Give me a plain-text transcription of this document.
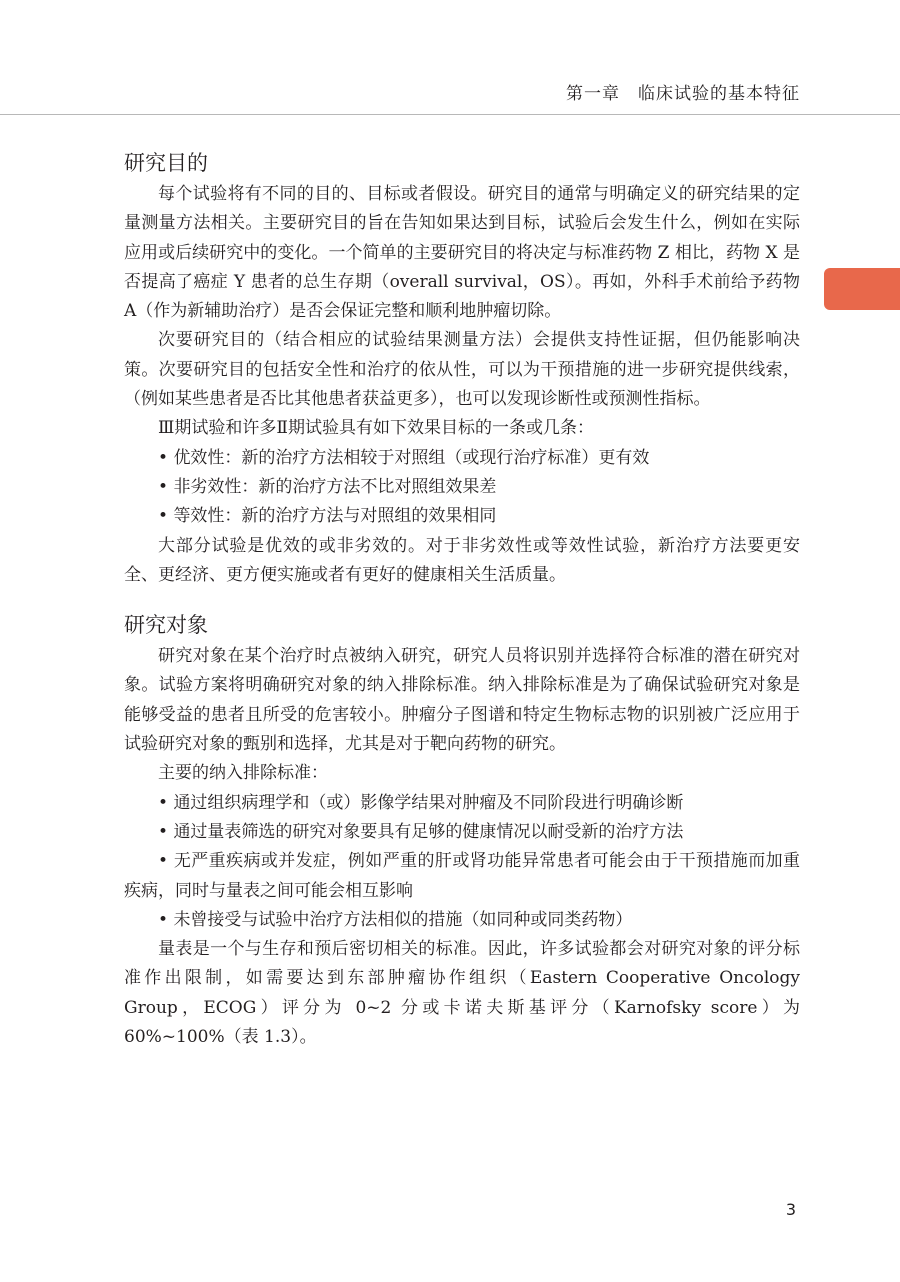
第一章　临床试验的基本特征
研究目的

每个试验将有不同的目的、目标或者假设。研究目的通常与明确定义的研究结果的定量测量方法相关。主要研究目的旨在告知如果达到目标，试验后会发生什么，例如在实际应用或后续研究中的变化。一个简单的主要研究目的将决定与标准药物 Z 相比，药物 X 是否提高了癌症 Y 患者的总生存期（overall survival，OS）。再如，外科手术前给予药物 A（作为新辅助治疗）是否会保证完整和顺利地肿瘤切除。

次要研究目的（结合相应的试验结果测量方法）会提供支持性证据，但仍能影响决策。次要研究目的包括安全性和治疗的依从性，可以为干预措施的进一步研究提供线索，（例如某些患者是否比其他患者获益更多），也可以发现诊断性或预测性指标。

Ⅲ期试验和许多Ⅱ期试验具有如下效果目标的一条或几条：

• 优效性：新的治疗方法相较于对照组（或现行治疗标准）更有效
• 非劣效性：新的治疗方法不比对照组效果差
• 等效性：新的治疗方法与对照组的效果相同

大部分试验是优效的或非劣效的。对于非劣效性或等效性试验，新治疗方法要更安全、更经济、更方便实施或者有更好的健康相关生活质量。

研究对象

研究对象在某个治疗时点被纳入研究，研究人员将识别并选择符合标准的潜在研究对象。试验方案将明确研究对象的纳入排除标准。纳入排除标准是为了确保试验研究对象是能够受益的患者且所受的危害较小。肿瘤分子图谱和特定生物标志物的识别被广泛应用于试验研究对象的甄别和选择，尤其是对于靶向药物的研究。

主要的纳入排除标准：

• 通过组织病理学和（或）影像学结果对肿瘤及不同阶段进行明确诊断
• 通过量表筛选的研究对象要具有足够的健康情况以耐受新的治疗方法
• 无严重疾病或并发症，例如严重的肝或肾功能异常患者可能会由于干预措施而加重疾病，同时与量表之间可能会相互影响
• 未曾接受与试验中治疗方法相似的措施（如同种或同类药物）

量表是一个与生存和预后密切相关的标准。因此，许多试验都会对研究对象的评分标准作出限制，如需要达到东部肿瘤协作组织（Eastern Cooperative Oncology Group，ECOG）评分为 0~2 分或卡诺夫斯基评分（Karnofsky score）为 60%~100%（表 1.3）。

3
